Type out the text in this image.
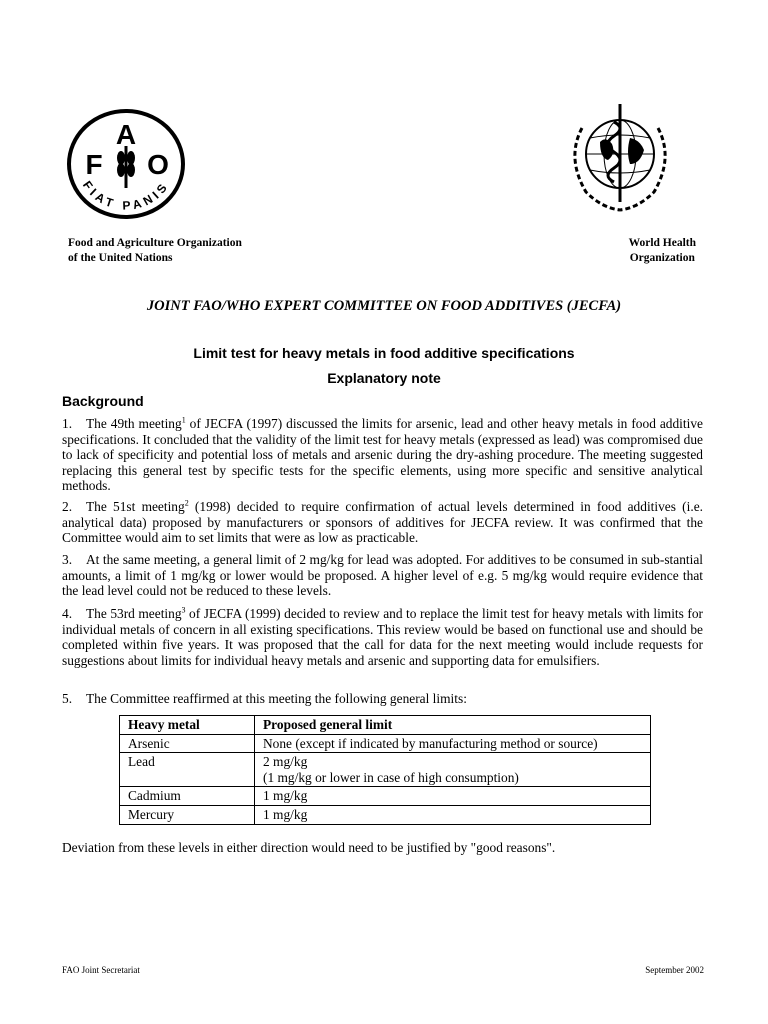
A
F O
FIAT PANIS
Food and Agriculture Organization
of the United Nations
World Health
Organization
JOINT FAO/WHO EXPERT COMMITTEE ON FOOD ADDITIVES (JECFA)
Limit test for heavy metals in food additive specifications
Explanatory note
Background

1. The 49th meeting$^1$ of JECFA (1997) discussed the limits for arsenic, lead and other heavy metals in food additive specifications. It concluded that the validity of the limit test for heavy metals (expressed as lead) was compromised due to lack of specificity and potential loss of metals and arsenic during the dry-ashing procedure. The meeting suggested replacing this general test by specific tests for the specific elements, using more specific and sensitive analytical methods.

2. The 51st meeting$^2$ (1998) decided to require confirmation of actual levels determined in food additives (i.e. analytical data) proposed by manufacturers or sponsors of additives for JECFA review. It was confirmed that the Committee would aim to set limits that were as low as practicable.

3. At the same meeting, a general limit of 2 mg/kg for lead was adopted. For additives to be consumed in sub-stantial amounts, a limit of 1 mg/kg or lower would be proposed. A higher level of e.g. 5 mg/kg would require evidence that the lead level could not be reduced to these levels.

4. The 53rd meeting$^3$ of JECFA (1999) decided to review and to replace the limit test for heavy metals with limits for individual metals of concern in all existing specifications. This review would be based on functional use and should be completed within five years. It was proposed that the call for data for the next meeting would include requests for suggestions about limits for individual heavy metals and arsenic and supporting data for emulsifiers.

5. The Committee reaffirmed at this meeting the following general limits:

Heavy metal	Proposed general limit
Arsenic	None (except if indicated by manufacturing method or source)
Lead	2 mg/kg
(1 mg/kg or lower in case of high consumption)

Cadmium	1 mg/kg
Mercury	1 mg/kg
Deviation from these levels in either direction would need to be justified by "good reasons".
FAO Joint Secretariat	September 2002
